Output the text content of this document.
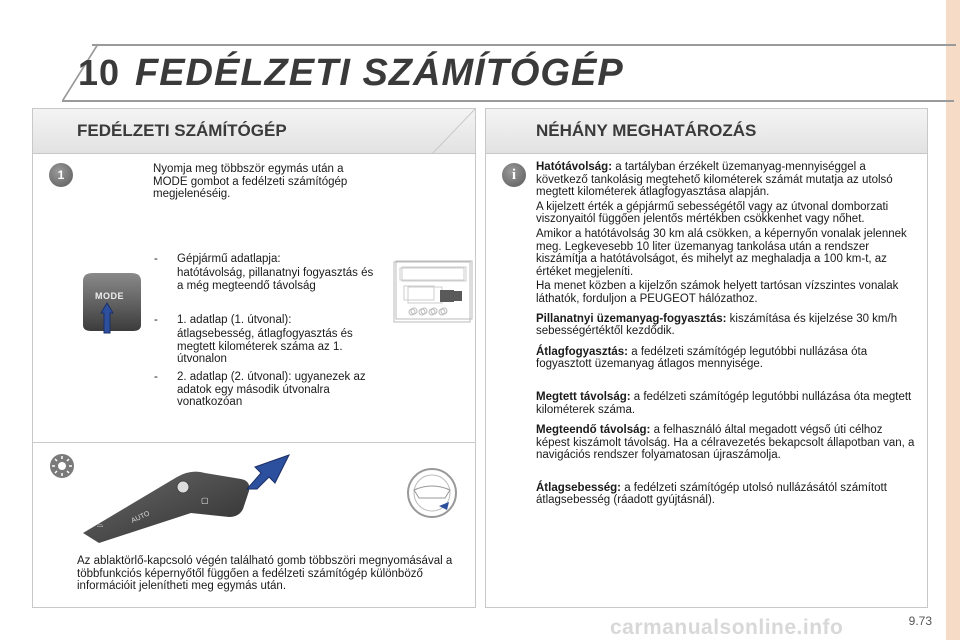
10 FEDÉLZETI SZÁMÍTÓGÉP
FEDÉLZETI SZÁMÍTÓGÉP
1	Nyomja meg többször egymás után a MODE gombot a fedélzeti számítógép megjelenéséig.
MODE
-	Gépjármű adatlapja:
hatótávolság, pillanatnyi fogyasztás és a még megteendő távolság
-	1. adatlap (1. útvonal):
átlagsebesség, átlagfogyasztás és megtett kilométerek száma az 1. útvonalon
-	2. adatlap (2. útvonal): ugyanezek az adatok egy második útvonalra vonatkozóan
▢
⌓	AUTO
Az ablaktörlő-kapcsoló végén található gomb többszöri megnyomásával a többfunkciós képernyőtől függően a fedélzeti számítógép különböző információit jelenítheti meg egymás után.
NÉHÁNY MEGHATÁROZÁS
i	Hatótávolság: a tartályban érzékelt üzemanyag-mennyiséggel a következő tankolásig megtehető kilométerek számát mutatja az utolsó megtett kilométerek átlagfogyasztása alapján.

A kijelzett érték a gépjármű sebességétől vagy az útvonal domborzati viszonyaitól függően jelentős mértékben csökkenhet vagy nőhet.

Amikor a hatótávolság 30 km alá csökken, a képernyőn vonalak jelennek meg. Legkevesebb 10 liter üzemanyag tankolása után a rendszer kiszámítja a hatótávolságot, és mihelyt az meghaladja a 100 km-t, az értéket megjeleníti.

Ha menet közben a kijelzőn számok helyett tartósan vízszintes vonalak láthatók, forduljon a PEUGEOT hálózathoz.

Pillanatnyi üzemanyag-fogyasztás: kiszámítása és kijelzése 30 km/h sebességértéktől kezdődik.

Átlagfogyasztás: a fedélzeti számítógép legutóbbi nullázása óta fogyasztott üzemanyag átlagos mennyisége.

Megtett távolság: a fedélzeti számítógép legutóbbi nullázása óta megtett kilométerek száma.

Megteendő távolság: a felhasználó által megadott végső úti célhoz képest kiszámolt távolság. Ha a célravezetés bekapcsolt állapotban van, a navigációs rendszer folyamatosan újraszámolja.

Átlagsebesség: a fedélzeti számítógép utolsó nullázásától számított átlagsebesség (ráadott gyújtásnál).

9.73
carmanualsonline.info
